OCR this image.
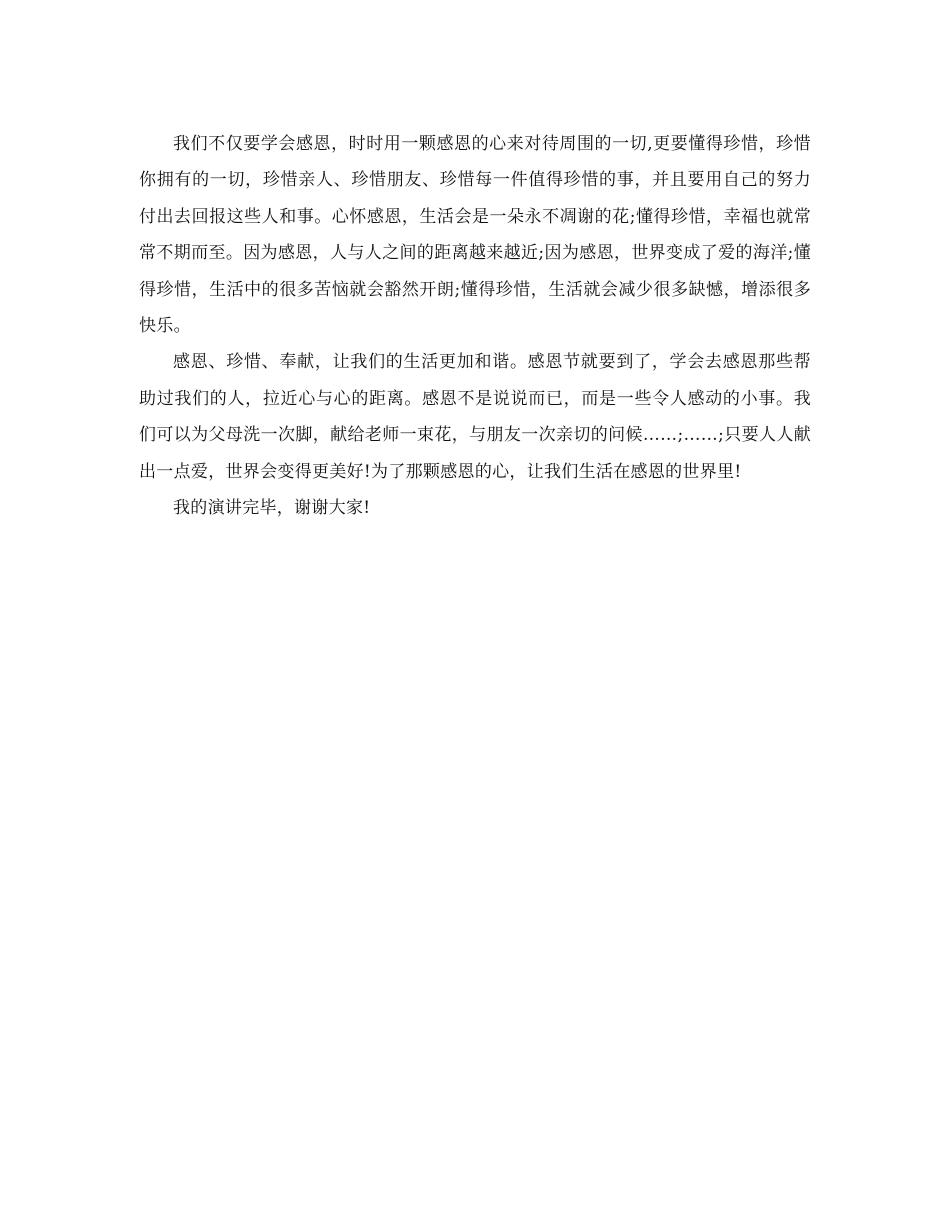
我们不仅要学会感恩，时时用一颗感恩的心来对待周围的一切,更要懂得珍惜，珍惜你拥有的一切，珍惜亲人、珍惜朋友、珍惜每一件值得珍惜的事，并且要用自己的努力付出去回报这些人和事。心怀感恩，生活会是一朵永不凋谢的花;懂得珍惜，幸福也就常常不期而至。因为感恩，人与人之间的距离越来越近;因为感恩，世界变成了爱的海洋;懂得珍惜，生活中的很多苦恼就会豁然开朗;懂得珍惜，生活就会减少很多缺憾，增添很多快乐。

感恩、珍惜、奉献，让我们的生活更加和谐。感恩节就要到了，学会去感恩那些帮助过我们的人，拉近心与心的距离。感恩不是说说而已，而是一些令人感动的小事。我们可以为父母洗一次脚，献给老师一束花，与朋友一次亲切的问候……;……;只要人人献出一点爱，世界会变得更美好!为了那颗感恩的心，让我们生活在感恩的世界里!

我的演讲完毕，谢谢大家!
